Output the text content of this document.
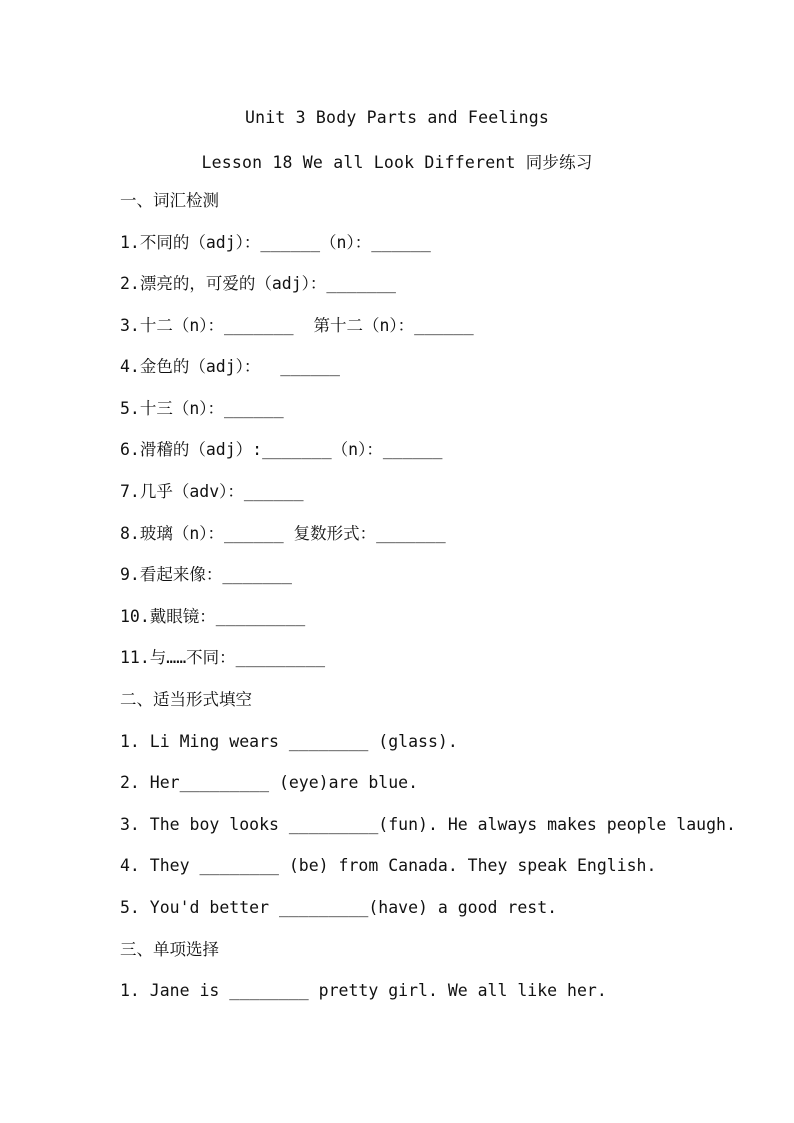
Unit 3 Body Parts and Feelings
Lesson 18 We all Look Different 同步练习
一、词汇检测
1.不同的（adj）：______（n）：______
2.漂亮的，可爱的（adj）：_______
3.十二（n）：_______  第十二（n）：______
4.金色的（adj）：  ______
5.十三（n）：______
6.滑稽的（adj）:_______（n）：______
7.几乎（adv）：______
8.玻璃（n）：______ 复数形式：_______
9.看起来像：_______
10.戴眼镜：_________
11.与……不同：_________
二、适当形式填空
1. Li Ming wears ________ (glass).
2. Her_________ (eye)are blue.
3. The boy looks _________(fun). He always makes people laugh.
4. They ________ (be) from Canada. They speak English.
5. You'd better _________(have) a good rest.
三、单项选择
1. Jane is ________ pretty girl. We all like her.
